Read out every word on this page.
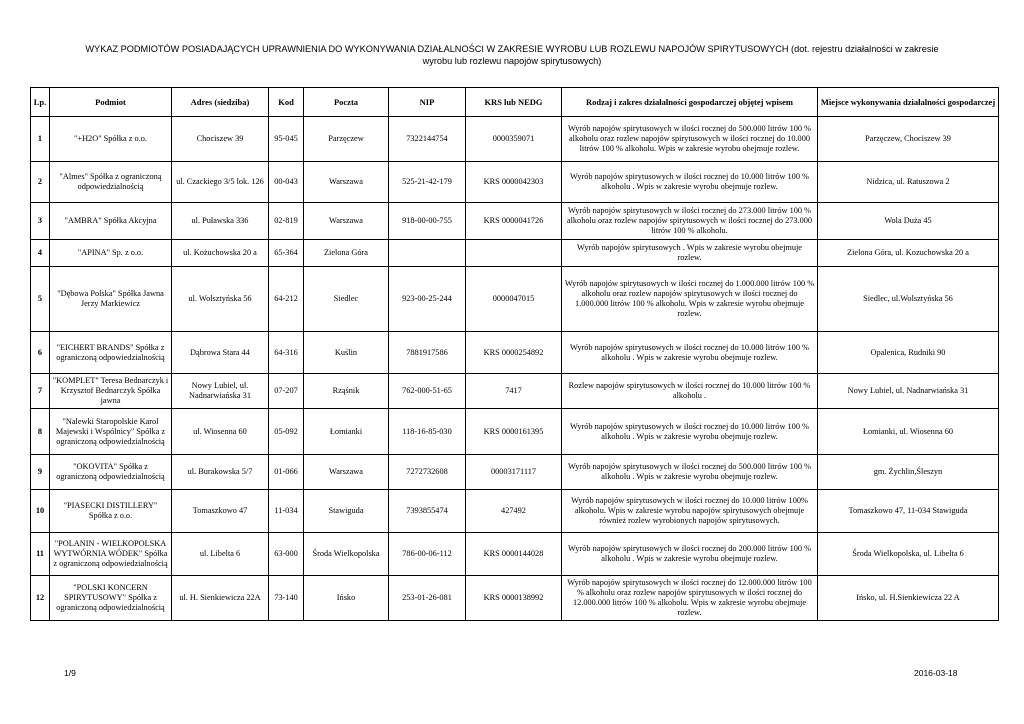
WYKAZ PODMIOTÓW POSIADAJĄCYCH UPRAWNIENIA DO WYKONYWANIA DZIAŁALNOŚCI W ZAKRESIE WYROBU LUB ROZLEWU NAPOJÓW SPIRYTUSOWYCH (dot. rejestru działalności w zakresie wyrobu lub rozlewu napojów spirytusowych)
Lp.	Podmiot	Adres (siedziba)	Kod	Poczta	NIP	KRS lub NEDG	Rodzaj i zakres działalności gospodarczej objętej wpisem	Miejsce wykonywania działalności gospodarczej
1	"+H2O" Spółka z o.o.	Chociszew 39	95-045	Parzęczew	7322144754	0000359071	Wyrób napojów spirytusowych w ilości rocznej do 500.000 litrów 100 % alkoholu oraz rozlew napojów spirytusowych w ilości rocznej do 10.000 litrów 100 % alkoholu. Wpis w zakresie wyrobu obejmuje rozlew.	Parzęczew, Chociszew 39
2	"Almes" Spółka z ograniczoną odpowiedzialnością	ul. Czackiego 3/5 lok. 126	00-043	Warszawa	525-21-42-179	KRS 0000042303	Wyrób napojów spirytusowych w ilości rocznej do 10.000 litrów 100 % alkoholu . Wpis w zakresie wyrobu obejmuje rozlew.	Nidzica, ul. Ratuszowa 2
3	"AMBRA" Spółka Akcyjna	ul. Puławska 336	02-819	Warszawa	918-00-00-755	KRS 0000041726	Wyrób napojów spirytusowych w ilości rocznej do 273.000 litrów 100 % alkoholu oraz rozlew napojów spirytusowych w ilości rocznej do 273.000 litrów 100 % alkoholu.	Wola Duża 45
4	"APINA" Sp. z o.o.	ul. Kożuchowska 20 a	65-364	Zielona Góra			Wyrób napojów spirytusowych . Wpis w zakresie wyrobu obejmuje rozlew.	Zielona Góra, ul. Kozuchowska 20 a
5	"Dębowa Polska" Spółka Jawna Jerzy Markiewicz	ul. Wolsztyńska 56	64-212	Siedlec	923-00-25-244	0000047015	Wyrób napojów spirytusowych w ilości rocznej do 1.000.000 litrów 100 % alkoholu oraz rozlew napojów spirytusowych w ilości rocznej do 1.000.000 litrów 100 % alkoholu. Wpis w zakresie wyrobu obejmuje rozlew.	Siedlec, ul.Wolsztyńska 56
6	"EICHERT BRANDS" Spółka z ograniczoną odpowiedzialnością	Dąbrowa Stara 44	64-316	Kuślin	7881917586	KRS 0000254892	Wyrób napojów spirytusowych w ilości rocznej do 10.000 litrów 100 % alkoholu . Wpis w zakresie wyrobu obejmuje rozlew.	Opalenica, Rudniki 90
7	"KOMPLET" Teresa Bednarczyk i Krzysztof Bednarczyk Spółka jawna	Nowy Lubiel, ul. Nadnarwiańska 31	07-207	Rząśnik	762-000-51-65	7417	Rozlew napojów spirytusowych w ilości rocznej do 10.000 litrów 100 % alkoholu .	Nowy Lubiel, ul. Nadnarwiańska 31
8	"Nalewki Staropolskie Karol Majewski i Wspólnicy" Spółka z ograniczoną odpowiedzialnością	ul. Wiosenna 60	05-092	Łomianki	118-16-85-030	KRS 0000161395	Wyrób napojów spirytusowych w ilości rocznej do 10.000 litrów 100 % alkoholu . Wpis w zakresie wyrobu obejmuje rozlew.	Łomianki, ul. Wiosenna 60
9	"OKOVITA" Spółka z ograniczoną odpowiedzialnością	ul. Burakowska 5/7	01-066	Warszawa	7272732608	00003171117	Wyrób napojów spirytusowych w ilości rocznej do 500.000 litrów 100 % alkoholu . Wpis w zakresie wyrobu obejmuje rozlew.	gm. Żychlin,Śleszyn
10	"PIASECKI DISTILLERY" Spółka z o.o.	Tomaszkowo 47	11-034	Stawiguda	7393855474	427492	Wyrób napojów spirytusowych w ilości rocznej do 10.000 litrów 100% alkoholu. Wpis w zakresie wyrobu napojów spirytusowych obejmuje również rozlew wyrobionych napojów spirytusowych.	Tomaszkowo 47, 11-034 Stawiguda
11	"POLANIN - WIELKOPOLSKA WYTWÓRNIA WÓDEK" Spółka z ograniczoną odpowiedzialnością	ul. Libelta 6	63-000	Środa Wielkopolska	786-00-06-112	KRS 0000144028	Wyrób napojów spirytusowych w ilości rocznej do 200.000 litrów 100 % alkoholu . Wpis w zakresie wyrobu obejmuje rozlew.	Środa Wielkopolska, ul. Libelta 6
12	"POLSKI KONCERN SPIRYTUSOWY" Spółka z ograniczoną odpowiedzialnością	ul. H. Sienkiewicza 22A	73-140	Ińsko	253-01-26-081	KRS 0000138992	Wyrób napojów spirytusowych w ilości rocznej do 12.000.000 litrów 100 % alkoholu oraz rozlew napojów spirytusowych w ilości rocznej do 12.000.000 litrów 100 % alkoholu. Wpis w zakresie wyrobu obejmuje rozlew.	Ińsko, ul. H.Sienkiewicza 22 A
1/9	2016-03-18
